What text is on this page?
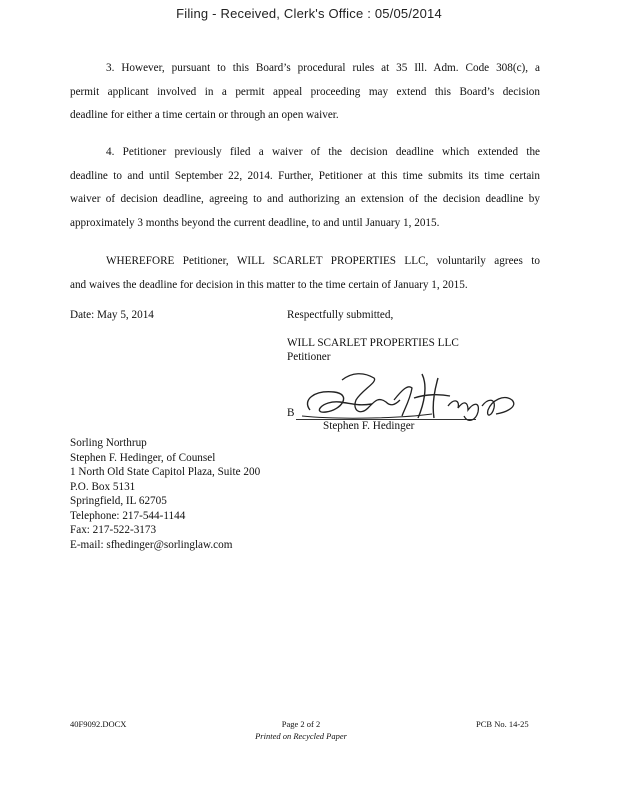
Filing - Received, Clerk's Office : 05/05/2014
3. However, pursuant to this Board’s procedural rules at 35 Ill. Adm. Code 308(c), a
permit applicant involved in a permit appeal proceeding may extend this Board’s decision
deadline for either a time certain or through an open waiver.
4. Petitioner previously filed a waiver of the decision deadline which extended the
deadline to and until September 22, 2014. Further, Petitioner at this time submits its time certain
waiver of decision deadline, agreeing to and authorizing an extension of the decision deadline by
approximately 3 months beyond the current deadline, to and until January 1, 2015.
WHEREFORE Petitioner, WILL SCARLET PROPERTIES LLC, voluntarily agrees to
and waives the deadline for decision in this matter to the time certain of January 1, 2015.
Date: May 5, 2014	Respectfully submitted,
WILL SCARLET PROPERTIES LLC
Petitioner
B
Stephen F. Hedinger
Sorling Northrup
Stephen F. Hedinger, of Counsel
1 North Old State Capitol Plaza, Suite 200
P.O. Box 5131
Springfield, IL 62705
Telephone: 217-544-1144
Fax: 217-522-3173
E-mail: sfhedinger@sorlinglaw.com
40F9092.DOCX	Page 2 of 2
Printed on Recycled Paper
PCB No. 14-25
